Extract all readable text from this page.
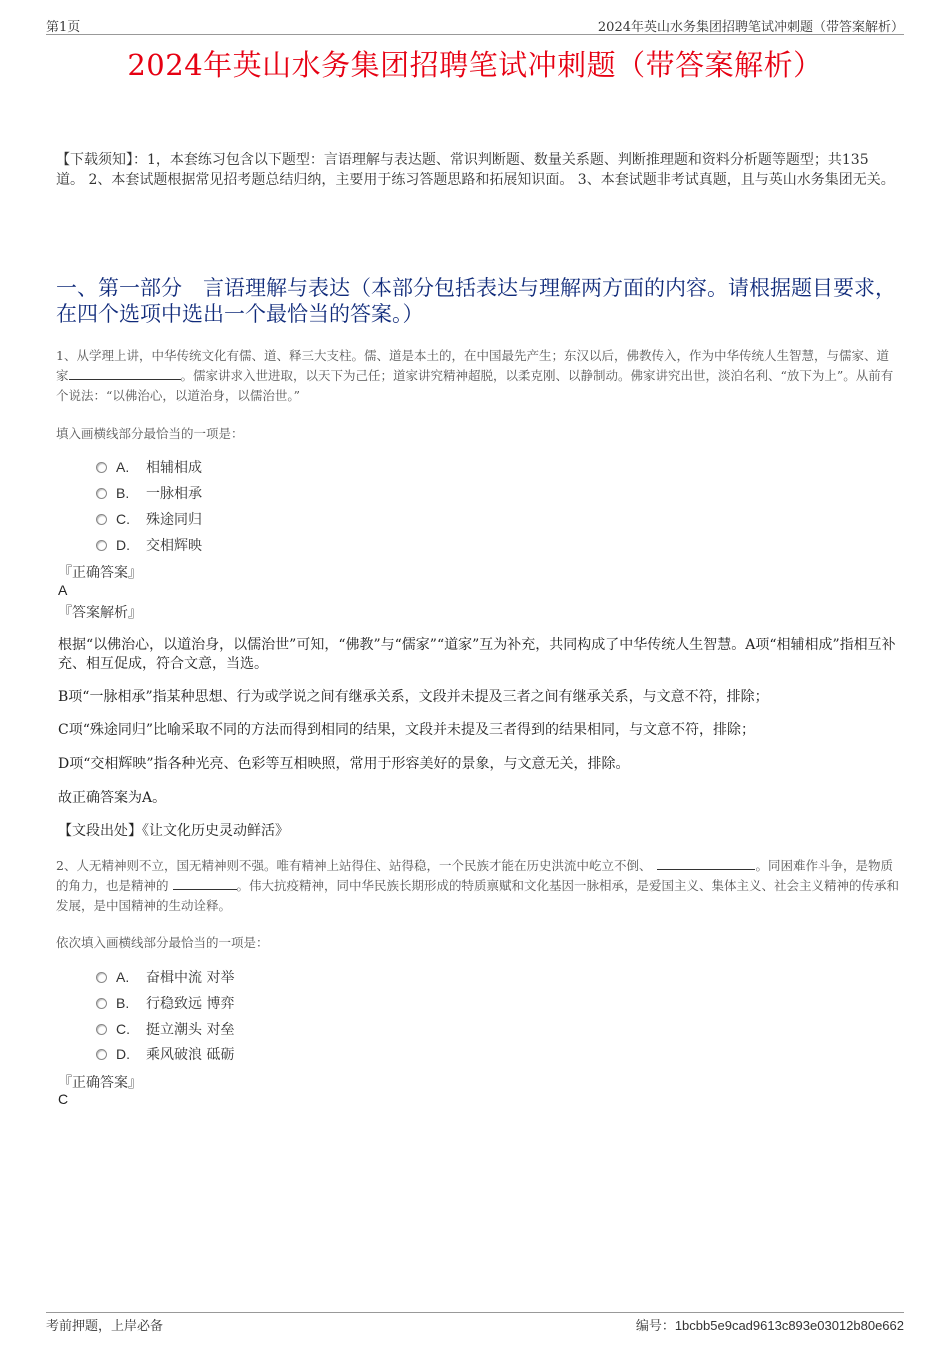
第1页	2024年英山水务集团招聘笔试冲刺题（带答案解析）
2024年英山水务集团招聘笔试冲刺题（带答案解析）
【下载须知】：1，本套练习包含以下题型：言语理解与表达题、常识判断题、数量关系题、判断推理题和资料分析题等题型；共135道。 2、本套试题根据常见招考题总结归纳，主要用于练习答题思路和拓展知识面。 3、本套试题非考试真题，且与英山水务集团无关。
一、第一部分　言语理解与表达（本部分包括表达与理解两方面的内容。请根据题目要求，在四个选项中选出一个最恰当的答案。）
1、从学理上讲，中华传统文化有儒、道、释三大支柱。儒、道是本土的，在中国最先产生；东汉以后，佛教传入，作为中华传统人生智慧，与儒家、道家	。儒家讲求入世进取，以天下为己任；道家讲究精神超脱，以柔克刚、以静制动。佛家讲究出世，淡泊名利、“放下为上”。从前有个说法：“以佛治心，以道治身，以儒治世。”
填入画横线部分最恰当的一项是：
A.	相辅相成
B.	一脉相承
C.	殊途同归
D.	交相辉映
『正确答案』
A
『答案解析』
根据“以佛治心，以道治身，以儒治世”可知，“佛教”与“儒家”“道家”互为补充，共同构成了中华传统人生智慧。A项“相辅相成”指相互补充、相互促成，符合文意，当选。
B项“一脉相承”指某种思想、行为或学说之间有继承关系，文段并未提及三者之间有继承关系，与文意不符，排除；
C项“殊途同归”比喻采取不同的方法而得到相同的结果，文段并未提及三者得到的结果相同，与文意不符，排除；
D项“交相辉映”指各种光亮、色彩等互相映照，常用于形容美好的景象，与文意无关，排除。
故正确答案为A。
【文段出处】《让文化历史灵动鲜活》
2、人无精神则不立，国无精神则不强。唯有精神上站得住、站得稳，一个民族才能在历史洪流中屹立不倒、	。同困难作斗争，是物质的角力，也是精神的	。伟大抗疫精神，同中华民族长期形成的特质禀赋和文化基因一脉相承，是爱国主义、集体主义、社会主义精神的传承和发展，是中国精神的生动诠释。
依次填入画横线部分最恰当的一项是：
A.	奋楫中流 对举
B.	行稳致远 博弈
C.	挺立潮头 对垒
D.	乘风破浪 砥砺
『正确答案』
C
考前押题，上岸必备	编号：1bcbb5e9cad9613c893e03012b80e662
